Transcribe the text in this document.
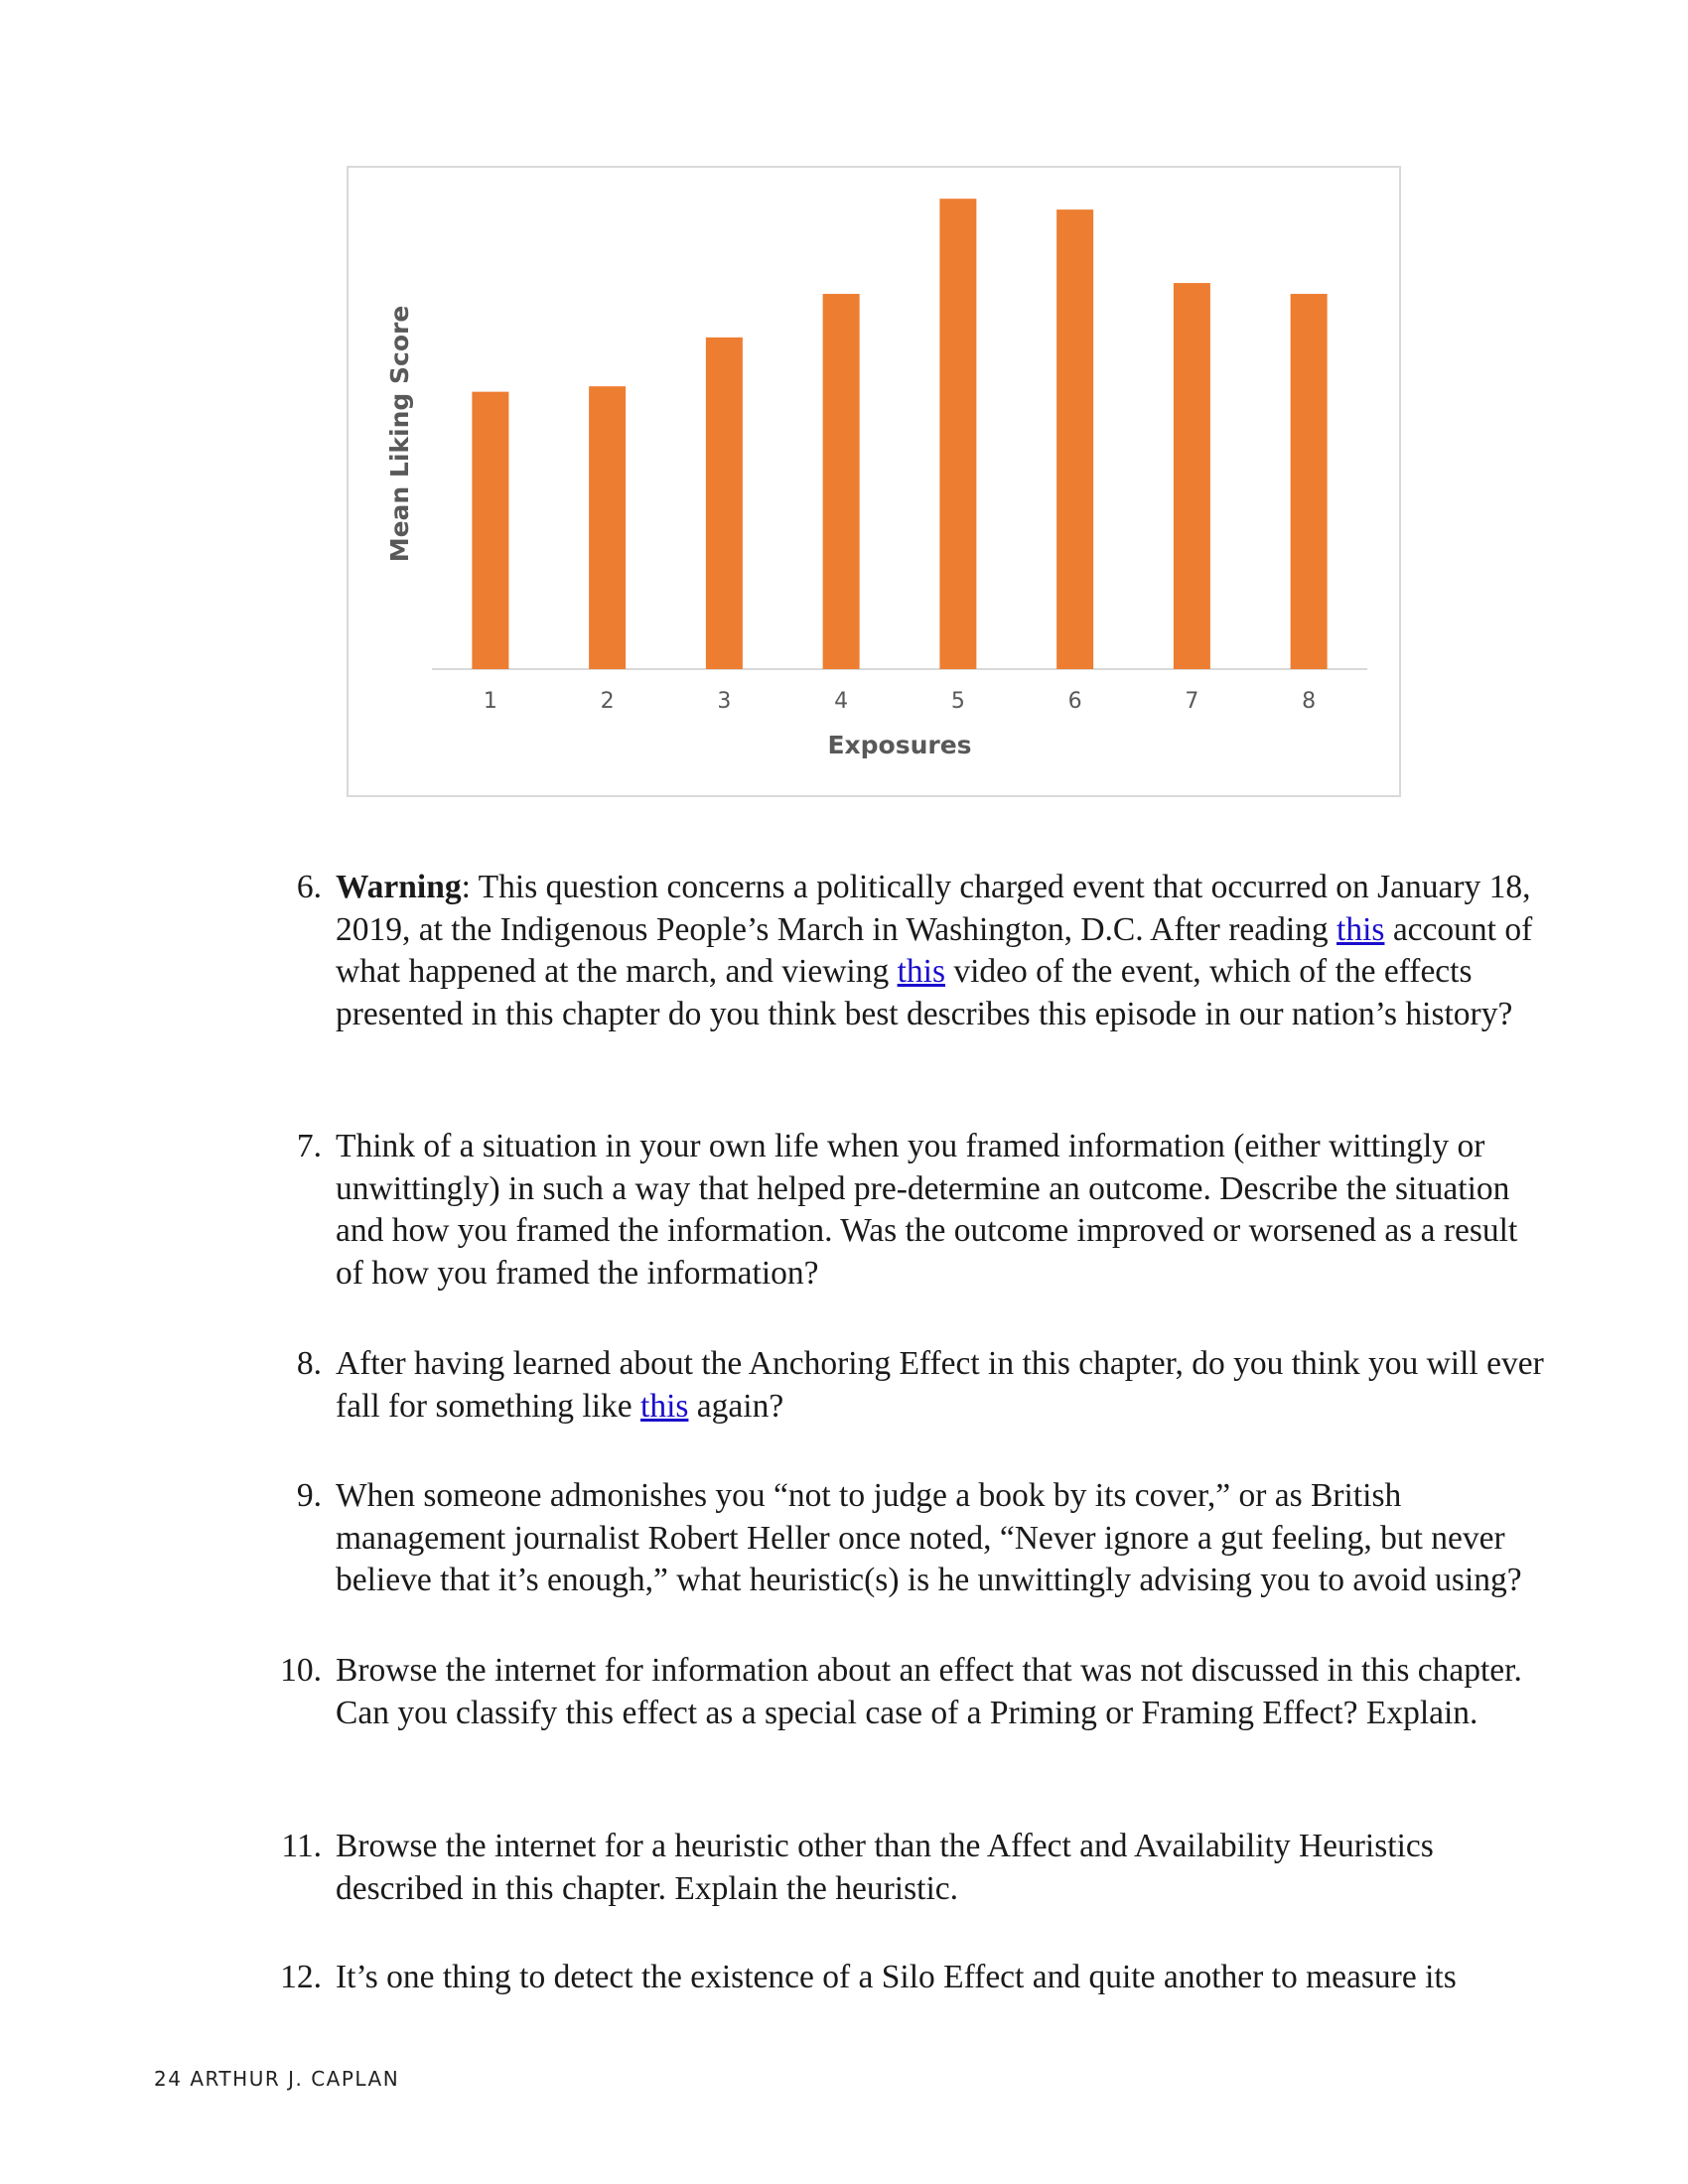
1	2	3	4	5	6	7	8
Exposures
Mean Liking Score
6. Warning: This question concerns a politically charged event that occurred on January 18, 2019, at the Indigenous People’s March in Washington, D.C. After reading this account of what happened at the march, and viewing this video of the event, which of the effects presented in this chapter do you think best describes this episode in our nation’s history?
7. Think of a situation in your own life when you framed information (either wittingly or unwittingly) in such a way that helped pre-determine an outcome. Describe the situation and how you framed the information. Was the outcome improved or worsened as a result of how you framed the information?
8. After having learned about the Anchoring Effect in this chapter, do you think you will ever fall for something like this again?
9. When someone admonishes you “not to judge a book by its cover,” or as British management journalist Robert Heller once noted, “Never ignore a gut feeling, but never believe that it’s enough,” what heuristic(s) is he unwittingly advising you to avoid using?
10. Browse the internet for information about an effect that was not discussed in this chapter. Can you classify this effect as a special case of a Priming or Framing Effect? Explain.
11. Browse the internet for a heuristic other than the Affect and Availability Heuristics described in this chapter. Explain the heuristic.
12. It’s one thing to detect the existence of a Silo Effect and quite another to measure its
24 ARTHUR J. CAPLAN
